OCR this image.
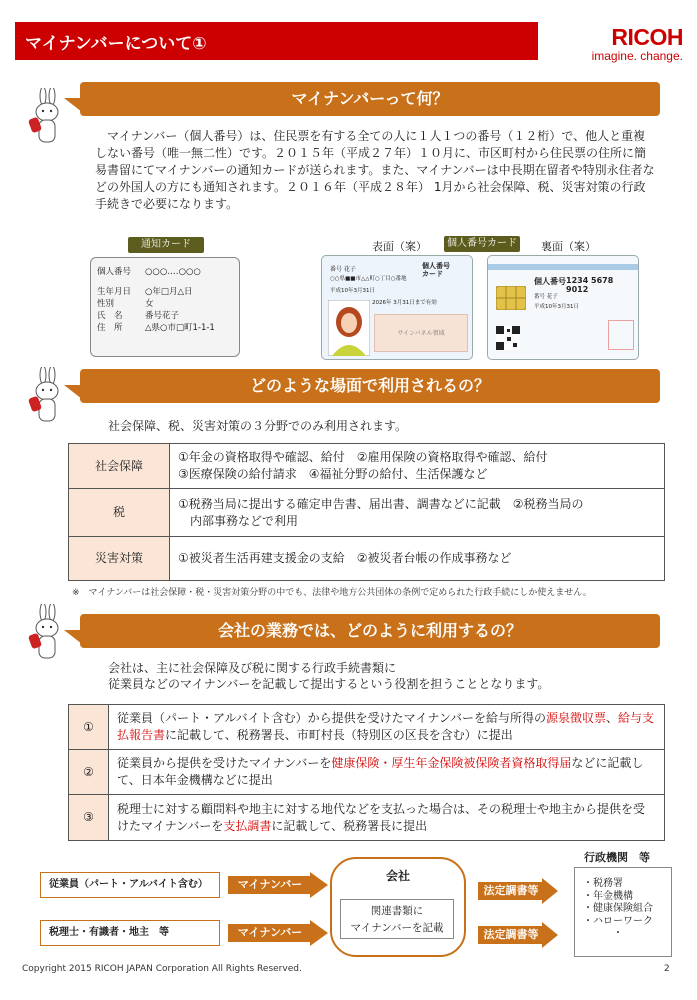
マイナンバーについて①	RICOH
imagine. change.
マイナンバーって何？
マイナンバー（個人番号）は、住民票を有する全ての人に１人１つの番号（１２桁）で、他人と重複しない番号（唯一無二性）です。２０１５年（平成２７年）１０月に、市区町村から住民票の住所に簡易書留にてマイナンバーの通知カードが送られます。また、マイナンバーは中長期在留者や特別永住者などの外国人の方にも通知されます。２０１６年（平成２８年） 1月から社会保障、税、災害対策の行政手続きで必要になります。
通知カード
個人番号	○○○‥‥○○○
生年月日	○年□月△日
性別	女
氏　名	番号花子
住　所	△県○市□町1-1-1
表面（案）	個人番号カード 裏面（案）
個人番号
カード
番号 花子
○○県■■市△△町○丁目○番地
平成10年3月31日
2026年 3月31日まで有効
サインパネル領域
個人番号 1234 5678 9012
番号 花子
平成10年3月31日
どのような場面で利用されるの？
社会保障、税、災害対策の３分野でのみ利用されます。
社会保障	①年金の資格取得や確認、給付　②雇用保険の資格取得や確認、給付
③医療保険の給付請求　④福祉分野の給付、生活保護など

税	①税務当局に提出する確定申告書、届出書、調書などに記載　②税務当局の
内部事務などで利用

災害対策	①被災者生活再建支援金の支給　②被災者台帳の作成事務など
※　マイナンバーは社会保障・税・災害対策分野の中でも、法律や地方公共団体の条例で定められた行政手続にしか使えません。
会社の業務では、どのように利用するの？
会社は、主に社会保障及び税に関する行政手続書類に
従業員などのマイナンバーを記載して提出するという役割を担うこととなります。
①	従業員（パート・アルバイト含む）から提供を受けたマイナンバーを給与所得の源泉徴収票、給与支払報告書に記載して、税務署長、市町村長（特別区の区長を含む）に提出
②	従業員から提供を受けたマイナンバーを健康保険・厚生年金保険被保険者資格取得届などに記載して、日本年金機構などに提出
③	税理士に対する顧問料や地主に対する地代などを支払った場合は、その税理士や地主から提供を受けたマイナンバーを支払調書に記載して、税務署長に提出
従業員（パート・アルバイト含む）
税理士・有識者・地主　等
マイナンバー
マイナンバー
会社
関連書類に
マイナンバーを記載
法定調書等
法定調書等
行政機関　等
・税務署
・年金機構
・健康保険組合
・ハローワーク
・
Copyright 2015 RICOH JAPAN Corporation All Rights Reserved.	2
